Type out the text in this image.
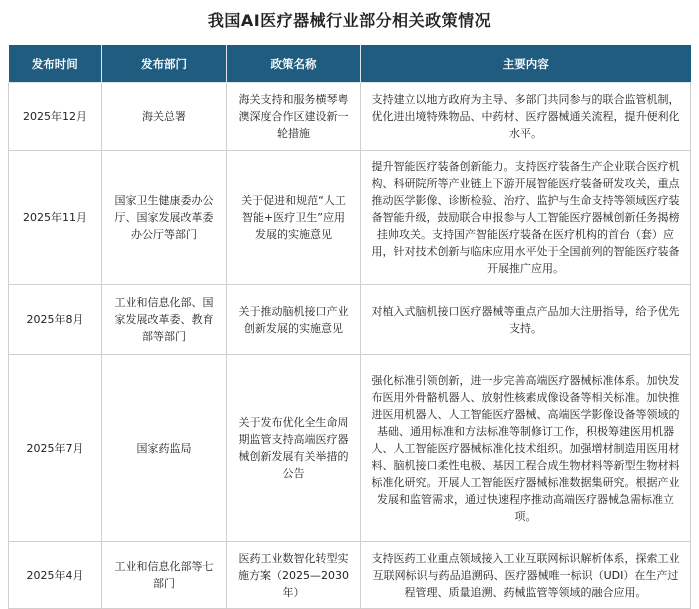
我国AI医疗器械行业部分相关政策情况
发布时间	发布部门	政策名称	主要内容
2025年12月	海关总署	海关支持和服务横琴粤澳深度合作区建设新一轮措施	支持建立以地方政府为主导、多部门共同参与的联合监管机制，优化进出境特殊物品、中药材、医疗器械通关流程，提升便利化水平。
2025年11月	国家卫生健康委办公厅、国家发展改革委办公厅等部门	关于促进和规范“人工智能+医疗卫生”应用发展的实施意见	提升智能医疗装备创新能力。支持医疗装备生产企业联合医疗机构、科研院所等产业链上下游开展智能医疗装备研发攻关，重点推动医学影像、诊断检验、治疗、监护与生命支持等领域医疗装备智能升级，鼓励联合申报参与人工智能医疗器械创新任务揭榜挂帅攻关。支持国产智能医疗装备在医疗机构的首台（套）应用，针对技术创新与临床应用水平处于全国前列的智能医疗装备开展推广应用。
2025年8月	工业和信息化部、国家发展改革委、教育部等部门	关于推动脑机接口产业创新发展的实施意见	对植入式脑机接口医疗器械等重点产品加大注册指导，给予优先支持。
2025年7月	国家药监局	关于发布优化全生命周期监管支持高端医疗器械创新发展有关举措的公告	强化标准引领创新，进一步完善高端医疗器械标准体系。加快发布医用外骨骼机器人、放射性核素成像设备等相关标准。加快推进医用机器人、人工智能医疗器械、高端医学影像设备等领域的基础、通用标准和方法标准等制修订工作，积极筹建医用机器人、人工智能医疗器械标准化技术组织。加强增材制造用医用材料、脑机接口柔性电极、基因工程合成生物材料等新型生物材料标准化研究。开展人工智能医疗器械标准数据集研究。根据产业发展和监管需求，通过快速程序推动高端医疗器械急需标准立项。
2025年4月	工业和信息化部等七部门	医药工业数智化转型实施方案（2025—2030年）	支持医药工业重点领域接入工业互联网标识解析体系，探索工业互联网标识与药品追溯码、医疗器械唯一标识（UDI）在生产过程管理、质量追溯、药械监管等领域的融合应用。
